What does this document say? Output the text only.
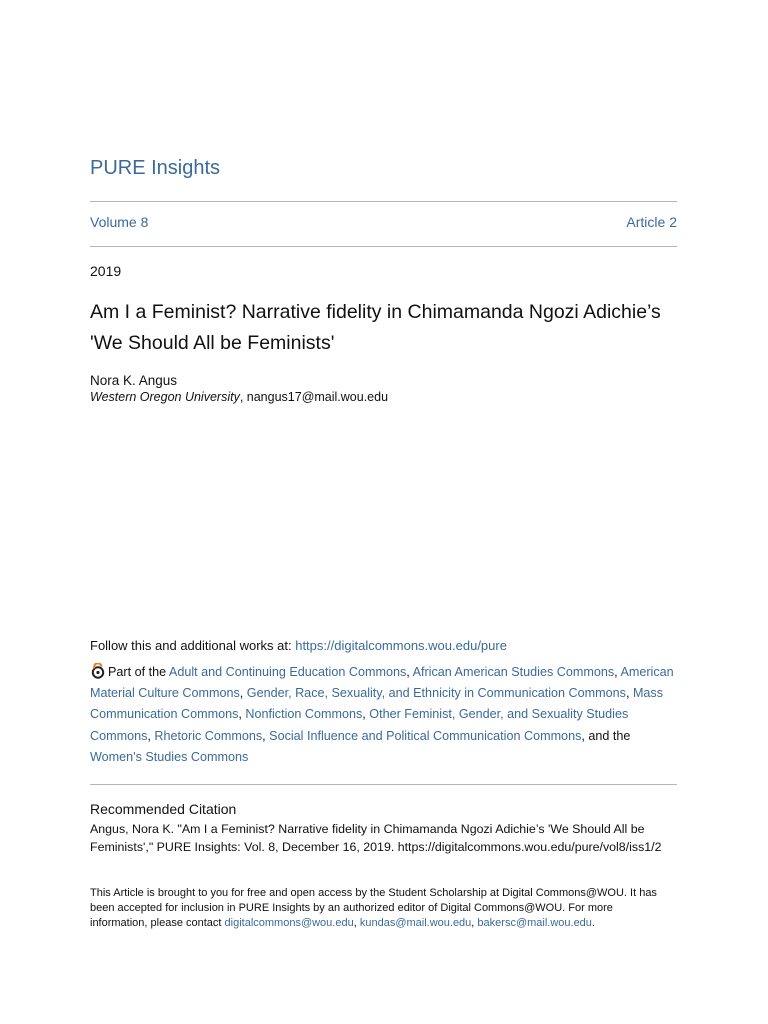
PURE Insights
Volume 8	Article 2
2019
Am I a Feminist? Narrative fidelity in Chimamanda Ngozi Adichie’s 'We Should All be Feminists'
Nora K. Angus
Western Oregon University, nangus17@mail.wou.edu
Follow this and additional works at: https://digitalcommons.wou.edu/pure
Part of the Adult and Continuing Education Commons, African American Studies Commons, American Material Culture Commons, Gender, Race, Sexuality, and Ethnicity in Communication Commons, Mass Communication Commons, Nonfiction Commons, Other Feminist, Gender, and Sexuality Studies Commons, Rhetoric Commons, Social Influence and Political Communication Commons, and the Women's Studies Commons
Recommended Citation
Angus, Nora K. "Am I a Feminist? Narrative fidelity in Chimamanda Ngozi Adichie’s 'We Should All be Feminists'," PURE Insights: Vol. 8, December 16, 2019. https://digitalcommons.wou.edu/pure/vol8/iss1/2
This Article is brought to you for free and open access by the Student Scholarship at Digital Commons@WOU. It has been accepted for inclusion in PURE Insights by an authorized editor of Digital Commons@WOU. For more information, please contact digitalcommons@wou.edu, kundas@mail.wou.edu, bakersc@mail.wou.edu.
